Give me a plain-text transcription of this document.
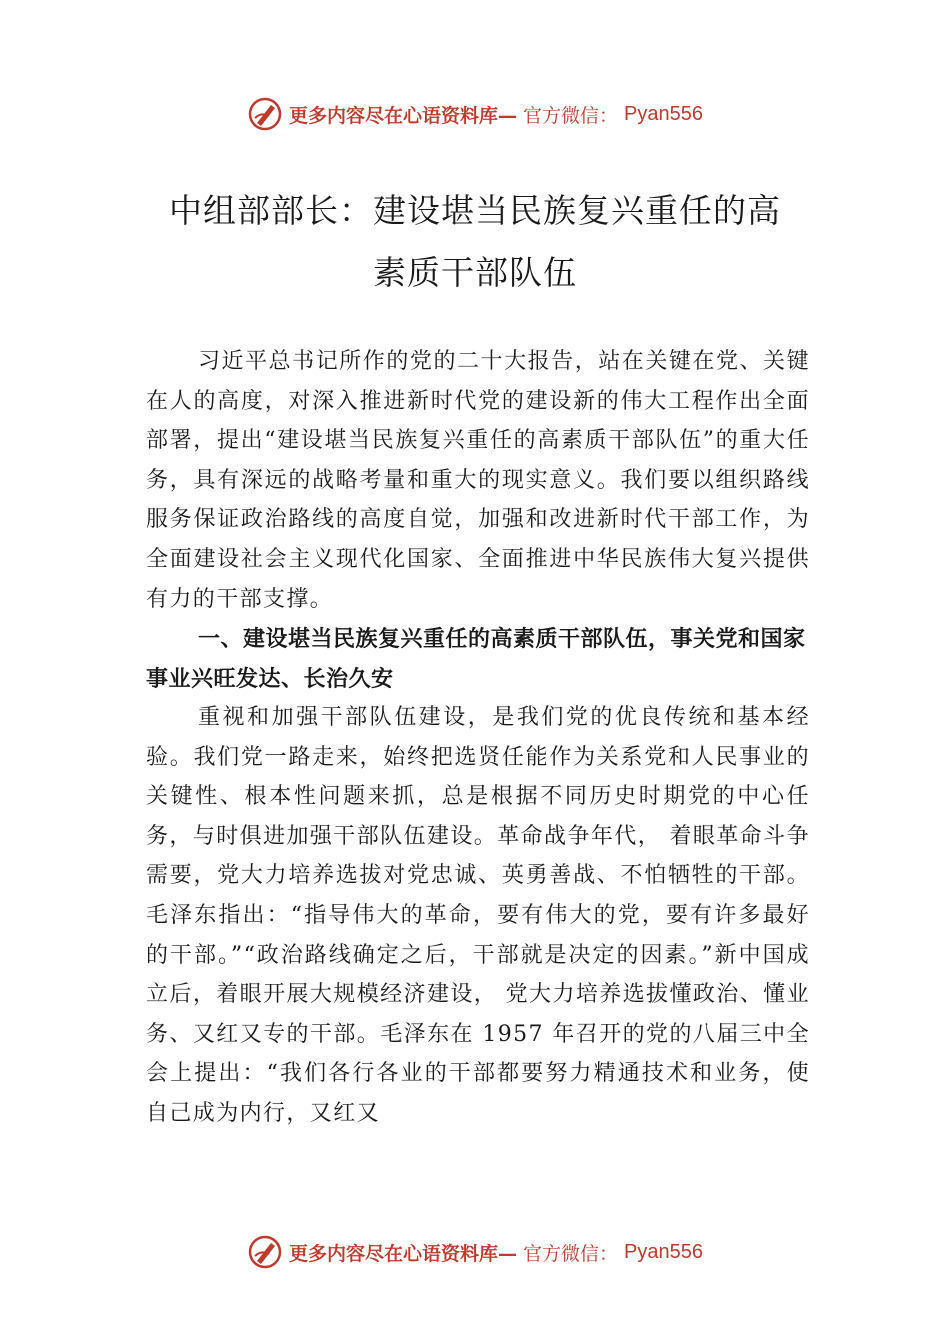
更多内容尽在心语资料库— 官方微信： Pyan556
中组部部长：建设堪当民族复兴重任的高
素质干部队伍

习近平总书记所作的党的二十大报告，站在关键在党、关键在人的高度，对深入推进新时代党的建设新的伟大工程作出全面部署，提出“建设堪当民族复兴重任的高素质干部队伍”的重大任务，具有深远的战略考量和重大的现实意义。我们要以组织路线服务保证政治路线的高度自觉，加强和改进新时代干部工作，为全面建设社会主义现代化国家、全面推进中华民族伟大复兴提供有力的干部支撑。

一、建设堪当民族复兴重任的高素质干部队伍，事关党和国家事业兴旺发达、长治久安

重视和加强干部队伍建设，是我们党的优良传统和基本经验。我们党一路走来，始终把选贤任能作为关系党和人民事业的关键性、根本性问题来抓，总是根据不同历史时期党的中心任务，与时俱进加强干部队伍建设。革命战争年代， 着眼革命斗争需要，党大力培养选拔对党忠诚、英勇善战、不怕牺牲的干部。毛泽东指出：“指导伟大的革命，要有伟大的党，要有许多最好的干部。”“政治路线确定之后，干部就是决定的因素。”新中国成立后，着眼开展大规模经济建设， 党大力培养选拔懂政治、懂业务、又红又专的干部。毛泽东在 1957 年召开的党的八届三中全会上提出：“我们各行各业的干部都要努力精通技术和业务，使自己成为内行，又红又

更多内容尽在心语资料库— 官方微信： Pyan556
